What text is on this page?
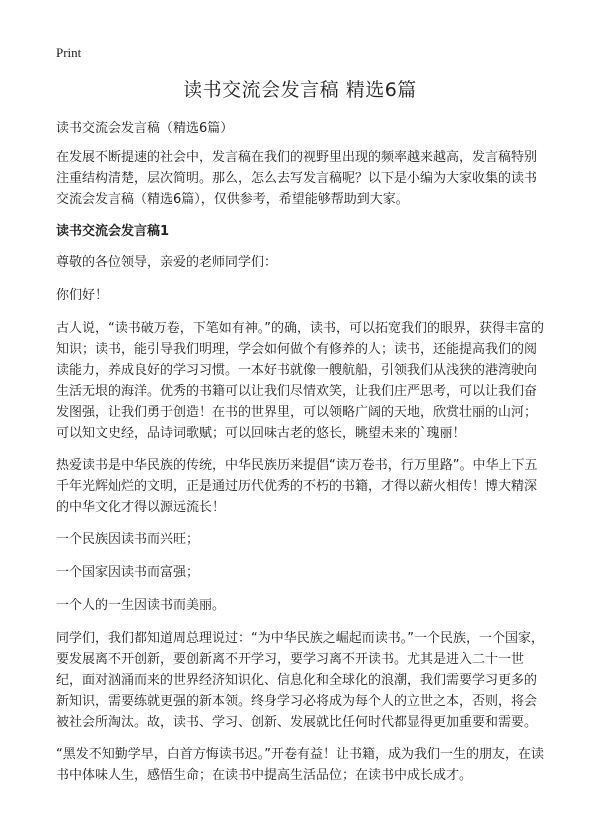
Print
读书交流会发言稿 精选6篇

读书交流会发言稿（精选6篇）

在发展不断提速的社会中，发言稿在我们的视野里出现的频率越来越高，发言稿特别注重结构清楚，层次简明。那么，怎么去写发言稿呢？以下是小编为大家收集的读书交流会发言稿（精选6篇），仅供参考，希望能够帮助到大家。

读书交流会发言稿1

尊敬的各位领导，亲爱的老师同学们：

你们好！

古人说，“读书破万卷，下笔如有神。”的确，读书，可以拓宽我们的眼界，获得丰富的知识；读书，能引导我们明理，学会如何做个有修养的人；读书，还能提高我们的阅读能力，养成良好的学习习惯。一本好书就像一艘航船，引领我们从浅狭的港湾驶向生活无垠的海洋。优秀的书籍可以让我们尽情欢笑，让我们庄严思考，可以让我们奋发图强，让我们勇于创造！在书的世界里，可以领略广阔的天地，欣赏壮丽的山河；可以知文史经，品诗词歌赋；可以回味古老的悠长，眺望未来的`瑰丽！

热爱读书是中华民族的传统，中华民族历来提倡“读万卷书，行万里路”。中华上下五千年光辉灿烂的文明，正是通过历代优秀的不朽的书籍，才得以薪火相传！博大精深的中华文化才得以源远流长！

一个民族因读书而兴旺；

一个国家因读书而富强；

一个人的一生因读书而美丽。

同学们，我们都知道周总理说过：“为中华民族之崛起而读书。”一个民族，一个国家，要发展离不开创新，要创新离不开学习，要学习离不开读书。尤其是进入二十一世纪，面对汹涌而来的世界经济知识化、信息化和全球化的浪潮，我们需要学习更多的新知识，需要练就更强的新本领。终身学习必将成为每个人的立世之本，否则，将会被社会所淘汰。故，读书、学习、创新、发展就比任何时代都显得更加重要和需要。

“黑发不知勤学早，白首方悔读书迟。”开卷有益！让书籍，成为我们一生的朋友，在读书中体味人生，感悟生命；在读书中提高生活品位；在读书中成长成才。
